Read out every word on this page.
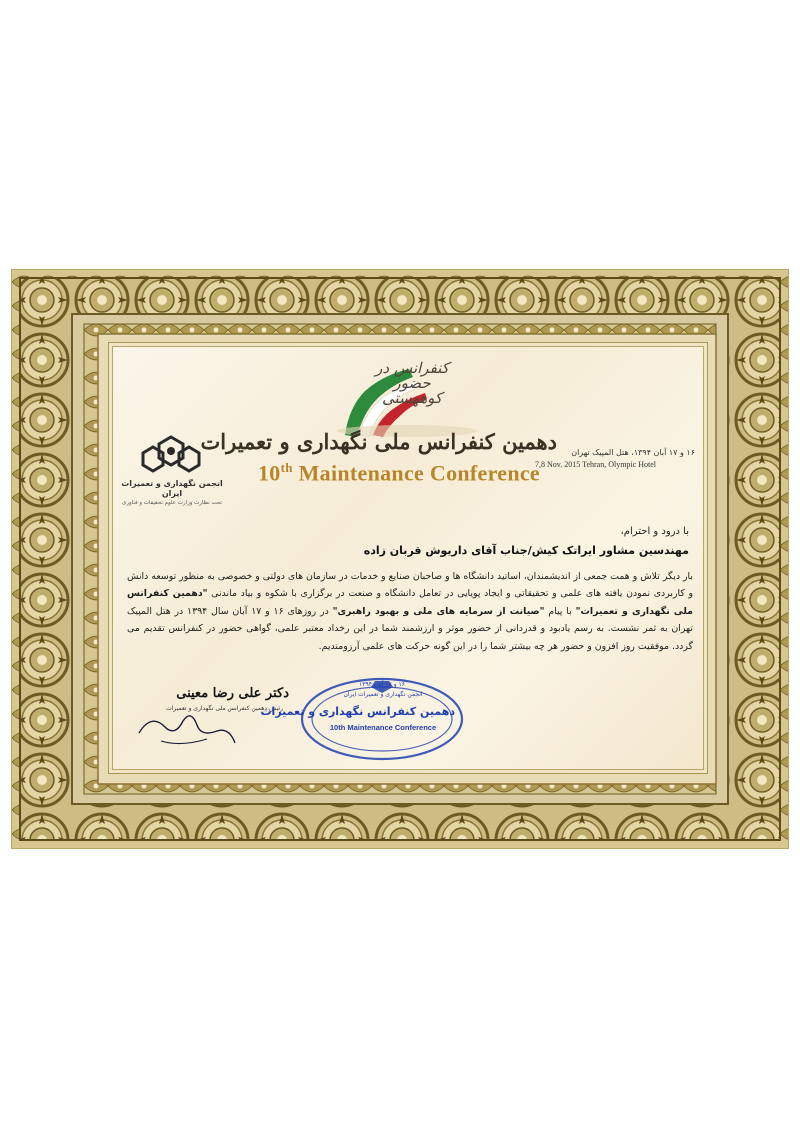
کنفرانس در حضور کوههستی
دهمین کنفرانس ملی نگهداری و تعمیرات
10th Maintenance Conference
انجمن نگهداری و تعمیرات ایران
تحت نظارت وزارت علوم تحقیقات و فناوری
۱۶ و ۱۷ آبان ۱۳۹۴، هتل المپیک تهران
7,8 Nov. 2015 Tehran, Olympic Hotel
با درود و احترام،
مهندسین مشاور ایراتک کیش/جناب آقای داریوش قربان زاده
بار دیگر تلاش و همت جمعی از اندیشمندان، اساتید دانشگاه ها و صاحبان صنایع و خدمات در سازمان های دولتی و خصوصی به منظور توسعه دانش و کاربردی نمودن یافته های علمی و تحقیقاتی و ایجاد پویایی در تعامل دانشگاه و صنعت در برگزاری با شکوه و بیاد ماندنی "دهمین کنفرانس ملی نگهداری و تعمیرات" با پیام "صیانت از سرمایه های ملی و بهبود راهبری" در روزهای ۱۶ و ۱۷ آبان سال ۱۳۹۴ در هتل المپیک تهران به ثمر نشست. به رسم یادبود و قدردانی از حضور موثر و ارزشمند شما در این رخداد معتبر علمی، گواهی حضور در کنفرانس تقدیم می گردد. موفقیت روز افزون و حضور هر چه بیشتر شما را در این گونه حرکت های علمی آرزومندیم.
دکتر علی رضا معینی
رئیس دهمین کنفرانس ملی نگهداری و تعمیرات
۱۶ و ۱۷ آبان ۱۳۹۴
انجمن نگهداری و تعمیرات ایران
دهمین کنفرانس نگهداری و تعمیرات
10th Maintenance Conference
